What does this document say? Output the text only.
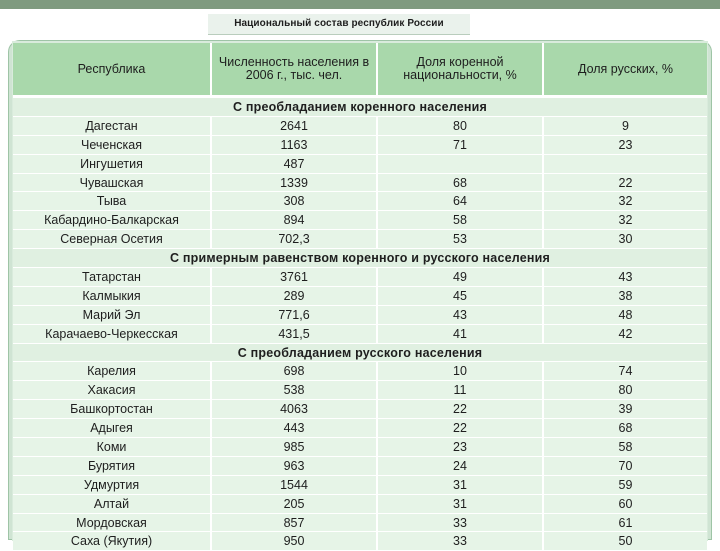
Национальный состав республик России
Республика	Численность населения в 2006 г., тыс. чел.	Доля коренной национальности, %	Доля русских, %
С преобладанием коренного населения			
Дагестан	2641	80	9
Чеченская	1163	71	23
Ингушетия	487		
Чувашская	1339	68	22
Тыва	308	64	32
Кабардино-Балкарская	894	58	32
Северная Осетия	702,3	53	30
С примерным равенством коренного и русского населения			
Татарстан	3761	49	43
Калмыкия	289	45	38
Марий Эл	771,6	43	48
Карачаево-Черкесская	431,5	41	42
С преобладанием русского населения			
Карелия	698	10	74
Хакасия	538	11	80
Башкортостан	4063	22	39
Адыгея	443	22	68
Коми	985	23	58
Бурятия	963	24	70
Удмуртия	1544	31	59
Алтай	205	31	60
Мордовская	857	33	61
Саха (Якутия)	950	33	50
